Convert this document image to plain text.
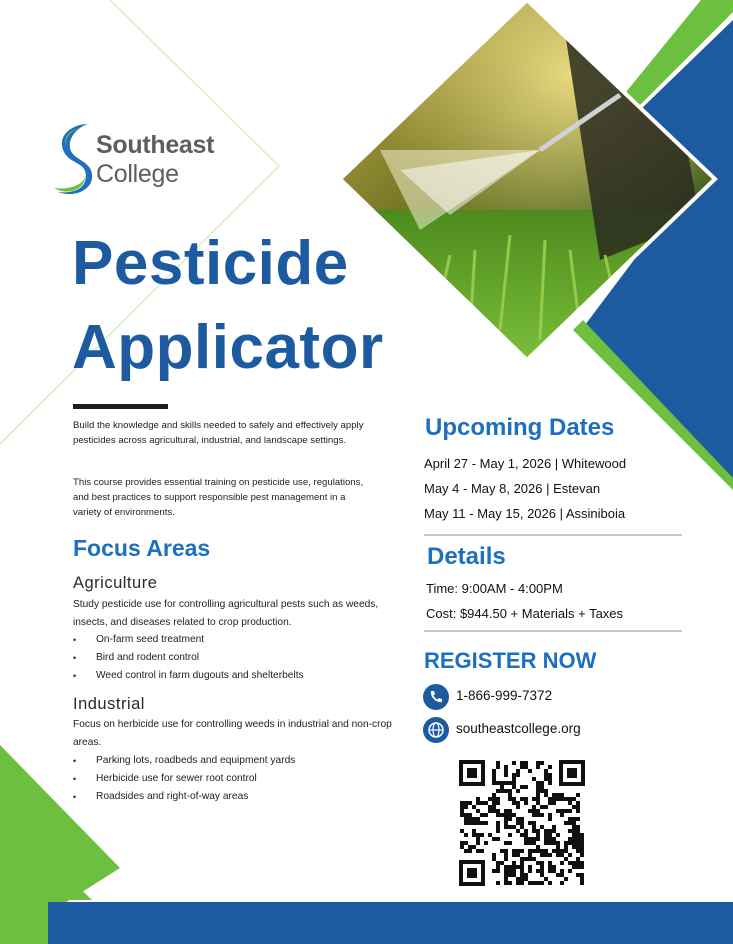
Southeast
College
Pesticide
Applicator
Build the knowledge and skills needed to safely and effectively apply pesticides across agricultural, industrial, and landscape settings.
This course provides essential training on pesticide use, regulations, and best practices to support responsible pest management in a variety of environments.
Focus Areas
Agriculture
Study pesticide use for controlling agricultural pests such as weeds, insects, and diseases related to crop production.
• On-farm seed treatment
• Bird and rodent control
• Weed control in farm dugouts and shelterbelts
Industrial
Focus on herbicide use for controlling weeds in industrial and non-crop areas.
• Parking lots, roadbeds and equipment yards
• Herbicide use for sewer root control
• Roadsides and right-of-way areas
Upcoming Dates
April 27 - May 1, 2026 | Whitewood
May 4 - May 8, 2026 | Estevan
May 11 - May 15, 2026 | Assiniboia
Details
Time: 9:00AM - 4:00PM
Cost: $944.50 + Materials + Taxes
REGISTER NOW
1-866-999-7372
southeastcollege.org
